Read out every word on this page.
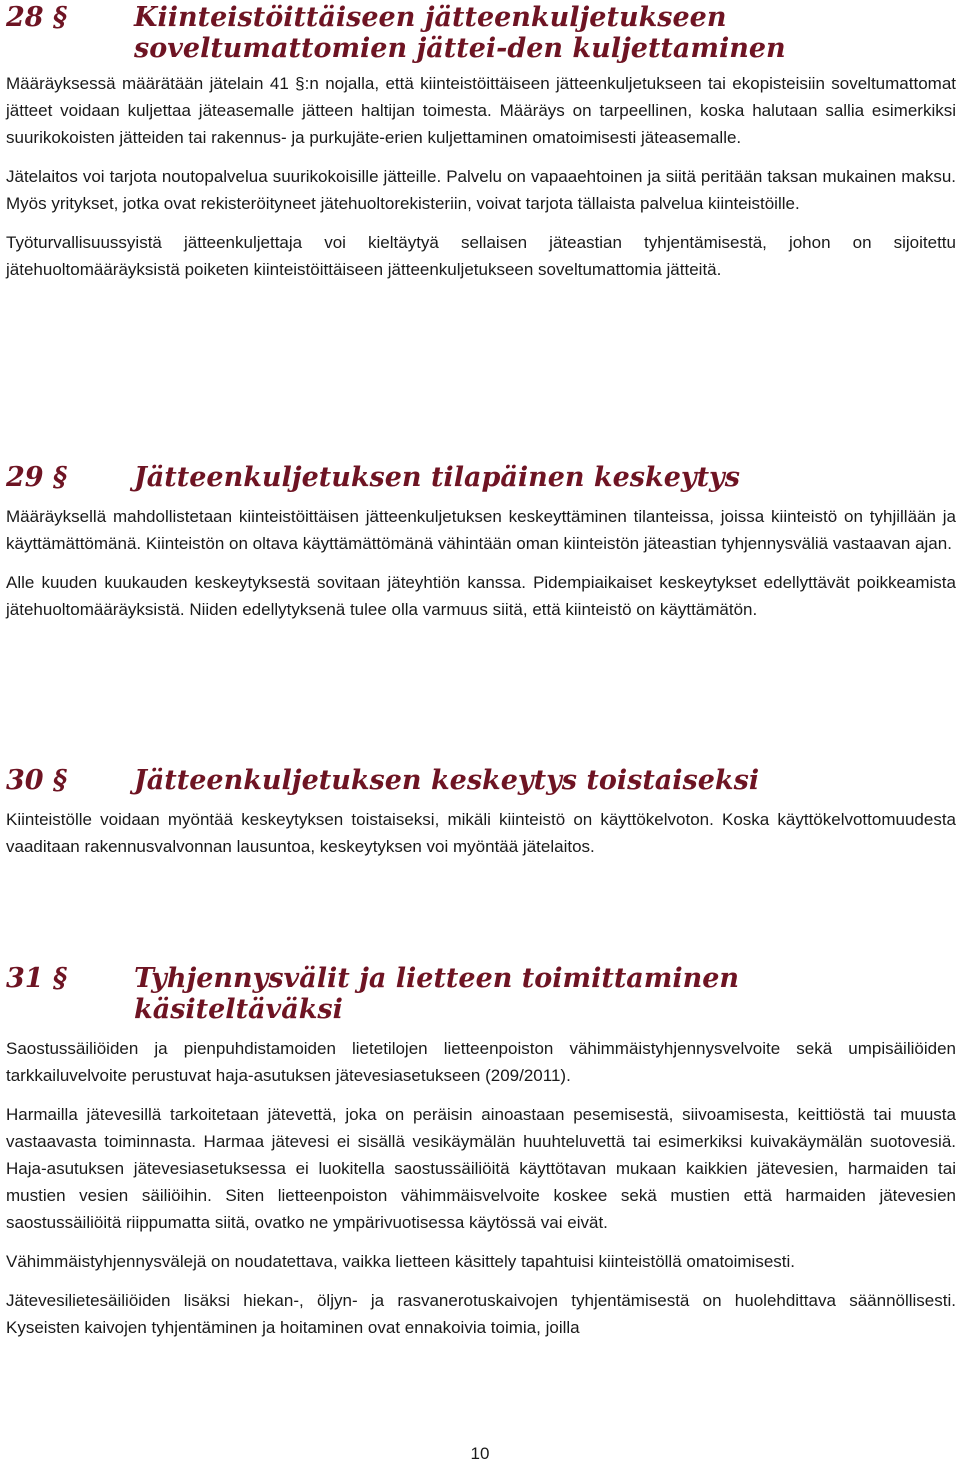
28 §	Kiinteistöittäiseen jätteenkuljetukseen soveltumattomien jättei-den kuljettaminen

Määräyksessä määrätään jätelain 41 §:n nojalla, että kiinteistöittäiseen jätteenkuljetukseen tai ekopisteisiin soveltumattomat jätteet voidaan kuljettaa jäteasemalle jätteen haltijan toimesta. Määräys on tarpeellinen, koska halutaan sallia esimerkiksi suurikokoisten jätteiden tai rakennus- ja purkujäte-erien kuljettaminen omatoimisesti jäteasemalle.

Jätelaitos voi tarjota noutopalvelua suurikokoisille jätteille. Palvelu on vapaaehtoinen ja siitä peritään taksan mukainen maksu. Myös yritykset, jotka ovat rekisteröityneet jätehuoltorekisteriin, voivat tarjota tällaista palvelua kiinteistöille.

Työturvallisuussyistä jätteenkuljettaja voi kieltäytyä sellaisen jäteastian tyhjentämisestä, johon on sijoitettu jätehuoltomääräyksistä poiketen kiinteistöittäiseen jätteenkuljetukseen soveltumattomia jätteitä.

29 §	Jätteenkuljetuksen tilapäinen keskeytys

Määräyksellä mahdollistetaan kiinteistöittäisen jätteenkuljetuksen keskeyttäminen tilanteissa, joissa kiinteistö on tyhjillään ja käyttämättömänä. Kiinteistön on oltava käyttämättömänä vähintään oman kiinteistön jäteastian tyhjennysväliä vastaavan ajan.

Alle kuuden kuukauden keskeytyksestä sovitaan jäteyhtiön kanssa. Pidempiaikaiset keskeytykset edellyttävät poikkeamista jätehuoltomääräyksistä. Niiden edellytyksenä tulee olla varmuus siitä, että kiinteistö on käyttämätön.

30 §	Jätteenkuljetuksen keskeytys toistaiseksi

Kiinteistölle voidaan myöntää keskeytyksen toistaiseksi, mikäli kiinteistö on käyttökelvoton. Koska käyttökelvottomuudesta vaaditaan rakennusvalvonnan lausuntoa, keskeytyksen voi myöntää jätelaitos.

31 §	Tyhjennysvälit ja lietteen toimittaminen käsiteltäväksi

Saostussäiliöiden ja pienpuhdistamoiden lietetilojen lietteenpoiston vähimmäistyhjennysvelvoite sekä umpisäiliöiden tarkkailuvelvoite perustuvat haja-asutuksen jätevesiasetukseen (209/2011).

Harmailla jätevesillä tarkoitetaan jätevettä, joka on peräisin ainoastaan pesemisestä, siivoamisesta, keittiöstä tai muusta vastaavasta toiminnasta. Harmaa jätevesi ei sisällä vesikäymälän huuhteluvettä tai esimerkiksi kuivakäymälän suotovesiä. Haja-asutuksen jätevesiasetuksessa ei luokitella saostussäiliöitä käyttötavan mukaan kaikkien jätevesien, harmaiden tai mustien vesien säiliöihin. Siten lietteenpoiston vähimmäisvelvoite koskee sekä mustien että harmaiden jätevesien saostussäiliöitä riippumatta siitä, ovatko ne ympärivuotisessa käytössä vai eivät.

Vähimmäistyhjennysvälejä on noudatettava, vaikka lietteen käsittely tapahtuisi kiinteistöllä omatoimisesti.

Jätevesilietesäiliöiden lisäksi hiekan-, öljyn- ja rasvanerotuskaivojen tyhjentämisestä on huolehdittava säännöllisesti. Kyseisten kaivojen tyhjentäminen ja hoitaminen ovat ennakoivia toimia, joilla

10
